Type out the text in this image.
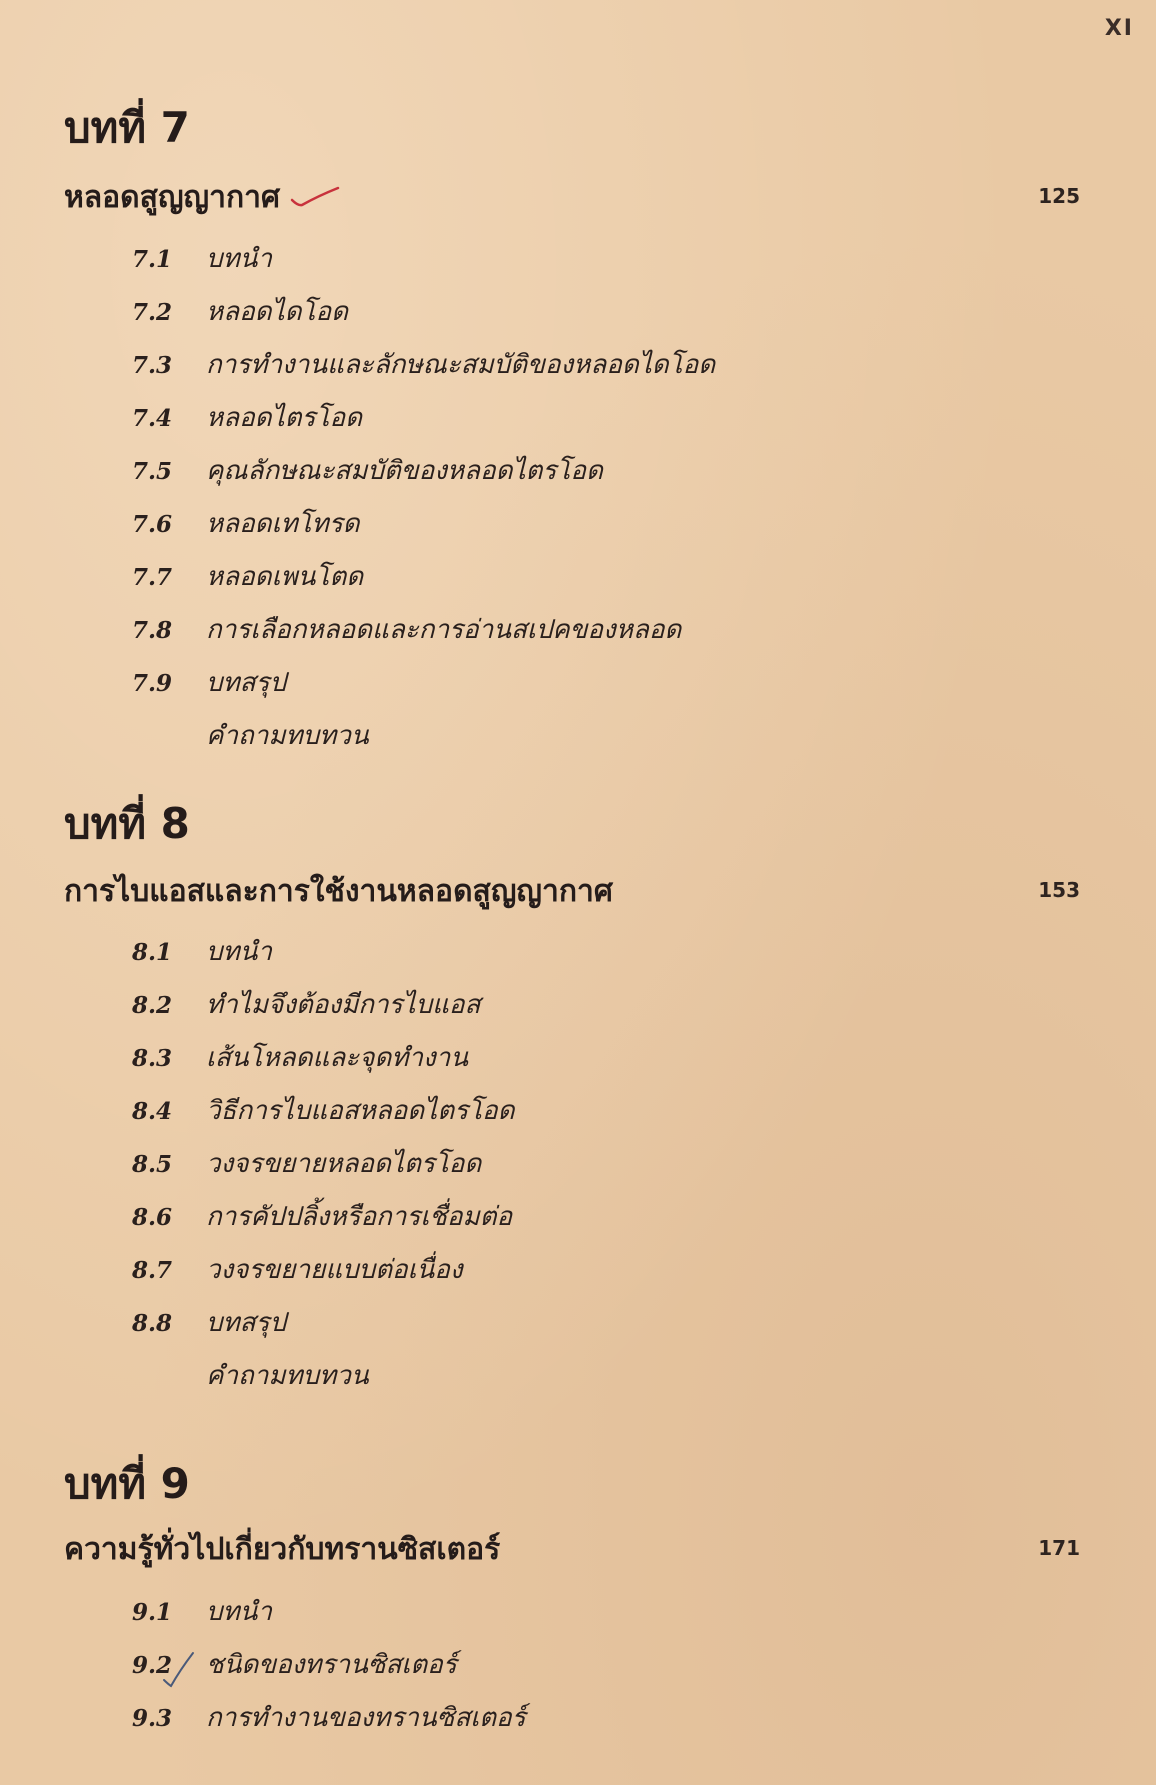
XI
บทที่ 7
หลอดสูญญากาศ	125
7.1 บทนำ
7.2 หลอดไดโอด
7.3 การทำงานและลักษณะสมบัติของหลอดไดโอด
7.4 หลอดไตรโอด
7.5 คุณลักษณะสมบัติของหลอดไตรโอด
7.6 หลอดเทโทรด
7.7 หลอดเพนโตด
7.8 การเลือกหลอดและการอ่านสเปคของหลอด
7.9 บทสรุป
คำถามทบทวน
บทที่ 8
การไบแอสและการใช้งานหลอดสูญญากาศ	153
8.1 บทนำ
8.2 ทำไมจึงต้องมีการไบแอส
8.3 เส้นโหลดและจุดทำงาน
8.4 วิธีการไบแอสหลอดไตรโอด
8.5 วงจรขยายหลอดไตรโอด
8.6 การคัปปลิ้งหรือการเชื่อมต่อ
8.7 วงจรขยายแบบต่อเนื่อง
8.8 บทสรุป
คำถามทบทวน
บทที่ 9
ความรู้ทั่วไปเกี่ยวกับทรานซิสเตอร์	171
9.1 บทนำ
9.2 ชนิดของทรานซิสเตอร์
9.3 การทำงานของทรานซิสเตอร์
